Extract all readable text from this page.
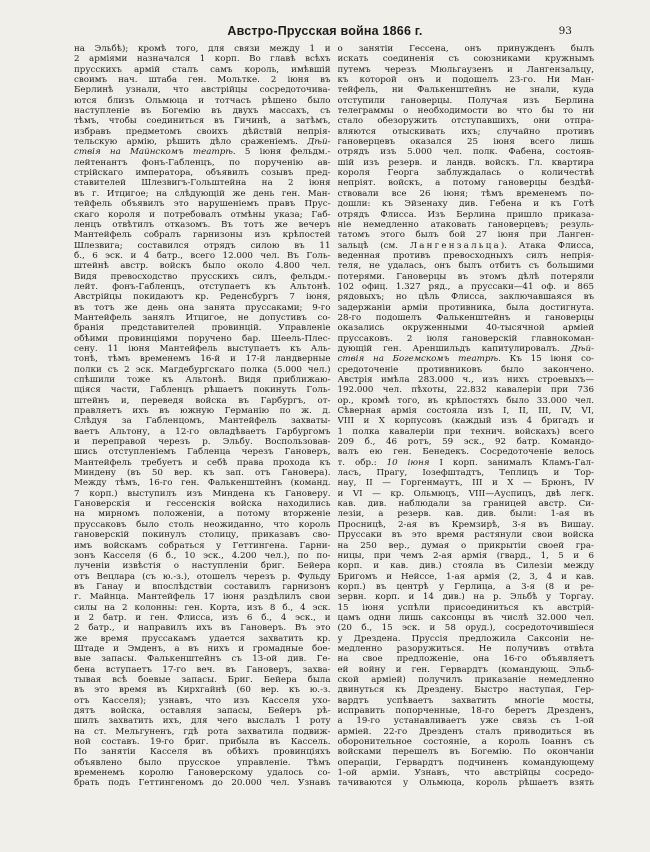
Австро-Прусская война 1866 г.	93
на Эльбѣ); кромѣ того, для связи между 1 и
2 арміями назначался 1 корп. Во главѣ всѣхъ
прусскихъ армій сталъ самъ король, имѣвшій
своимъ нач. штаба ген. Мольтке. 2 іюня въ
Берлинѣ узнали, что австрійцы сосредоточива-
ются близъ Ольмюца и тотчасъ рѣшено было
наступленіе въ Богемію въ двухъ массахъ, съ
тѣмъ, чтобы соединиться въ Гичинѣ, а затѣмъ,
избравъ предметомъ своихъ дѣйствій непрія-
тельскую армію, рѣшить дѣло сраженіемъ. Дѣй-
ствія на Майнскомъ театрѣ. 5 іюня фельдм.-
лейтенантъ фонъ-Габленцъ, по порученію ав-
стрійскаго императора, объявилъ созывъ пред-
ставителей Шлезвигъ-Гольштейна на 2 іюня
въ г. Итцигое; на слѣдующій же день ген. Ман-
тейфель объявилъ это нарушеніемъ правъ Прус-
скаго короля и потребовалъ отмѣны указа; Габ-
ленцъ отвѣтилъ отказомъ. Въ тотъ же вечеръ
Мантейфель собралъ гарнизоны изъ крѣпостей
Шлезвига; составился отрядъ силою въ 11
б., 6 эск. и 4 батр., всего 12.000 чел. Въ Голь-
штейнѣ австр. войскъ было около 4.800 чел.
Видя превосходство прусскихъ силъ, фельдм.-
лейт. фонъ-Габленцъ, отступаетъ къ Альтонѣ.
Австрійцы покидаютъ кр. Реденсбургъ 7 іюня,
въ тотъ же день она занята пруссаками; 9-го
Мантейфель занялъ Итцигое, не допустивъ со-
бранія представителей провинцій. Управленіе
обѣими провинціями поручено бар. Шеель-Плес-
сену. 11 іюня Мантейфель выступаетъ къ Аль-
тонѣ, тѣмъ временемъ 16-й и 17-й ландверные
полки съ 2 эск. Магдебургскаго полка (5.000 чел.)
спѣшили тоже къ Альтонѣ. Видя приближаю-
щіяся части, Габленцъ рѣшаетъ покинуть Голь-
штейнъ и, переведя войска въ Гарбургъ, от-
правляетъ ихъ въ южную Германію по ж. д.
Слѣдуя за Габленцомъ, Мантейфель захваты-
ваетъ Альтону, а 12-го овладѣваетъ Гарбургомъ
и переправой черезъ р. Эльбу. Воспользовав-
шись отступленіемъ Габленца черезъ Гановеръ,
Мантейфель требуетъ и себѣ права прохода къ
Миндену (въ 50 вер. къ зап. отъ Гановера).
Между тѣмъ, 16-го ген. Фалькенштейнъ (команд.
7 корп.) выступилъ изъ Миндена къ Гановеру.
Гановерскія и гессенскія войска находились
на мирномъ положеніи, а потому вторженіе
пруссаковъ было столь неожиданно, что король
гановерскій покинулъ столицу, приказавъ сво-
имъ войскамъ собраться у Геттингена. Гарни-
зонъ Касселя (6 б., 10 эск., 4.200 чел.), по по-
лученіи извѣстія о наступленіи бриг. Бейера
отъ Вецлара (съ ю.-з.), отошелъ черезъ р. Фульду
въ Ганау и впослѣдствіи составилъ гарнизонъ
г. Майнца. Мантейфель 17 іюня раздѣлилъ свои
силы на 2 колонны: ген. Корта, изъ 8 б., 4 эск.
и 2 батр. и ген. Флисса, изъ 6 б., 4 эск., и
2 батр., и направилъ ихъ въ Гановеръ. Въ это
же время пруссакамъ удается захватить кр.
Штаде и Эмденъ, а въ нихъ и громадные бое-
вые запасы. Фалькенштейнъ съ 13-ой див. Ге-
бена вступаетъ 17-го веч. въ Гановеръ, захва-
тывая всѣ боевые запасы. Бриг. Бейера была
въ это время въ Кирхгайнѣ (60 вер. къ ю.-з.
отъ Касселя); узнавъ, что изъ Касселя ухо-
дятъ войска, оставляя запасы, Бейеръ рѣ-
шилъ захватить ихъ, для чего выслалъ 1 роту
на ст. Мельгуненъ, гдѣ рота захватила подвиж-
ной составъ. 19-го бриг. прибыла въ Кассель.
По занятіи Касселя въ обѣихъ провинціяхъ
объявлено было прусское управленіе. Тѣмъ
временемъ королю Гановерскому удалось со-
брать подъ Геттингеномъ до 20.000 чел. Узнавъ
о занятіи Гессена, онъ принужденъ былъ
искать соединенія съ союзниками кружнымъ
путемъ черезъ Мюльгаузенъ и Лангензальцу,
къ которой онъ и подошелъ 23-го. Ни Ман-
тейфель, ни Фалькенштейнъ не знали, куда
отступили гановерцы. Получая изъ Берлина
телеграммы о необходимости во что бы то ни
стало обезоружить отступавшихъ, они отпра-
вляются отыскивать ихъ; случайно противъ
гановерцевъ оказался 25 іюня всего лишь
отрядъ изъ 5.000 чел. полк. Фабена, состояв-
шій изъ резерв. и ландв. войскъ. Гл. квартира
короля Георга заблуждалась о количествѣ
непріят. войскъ, а потому гановерцы бездѣй-
ствовали все 26 іюня; тѣмъ временемъ по-
дошли: къ Эйзенаху див. Гебена и къ Готѣ
отрядъ Флисса. Изъ Берлина пришло приказа-
ніе немедленно атаковать гановерцевъ; резуль-
татомъ этого былъ бой 27 іюня при Ланген-
зальцѣ (см. Лангензальца). Атака Флисса,
веденная противъ превосходныхъ силъ непрія-
теля, не удалась, онъ былъ отбитъ съ большими
потерями. Гановерцы въ этомъ дѣлѣ потеряли
102 офиц. 1.327 ряд., а пруссаки—41 оф. и 865
рядовыхъ; но цѣль Флисса, заключавшаяся въ
задержаніи арміи противника, была достигнута.
28-го подошелъ Фалькенштейнъ и гановерцы
оказались окруженными 40-тысячной арміей
пруссаковъ. 2 іюля гановерскій главнокоман-
дующій ген. Ареншильдъ капитулировалъ. Дѣй-
ствія на Богемскомъ театрѣ. Къ 15 іюня со-
средоточеніе противниковъ было закончено.
Австрія имѣла 283.000 ч., изъ нихъ строевыхъ—
192.000 чел. пѣхоты, 22.832 кавалеріи при 736
ор., кромѣ того, въ крѣпостяхъ было 33.000 чел.
Сѣверная армія состояла изъ I, II, III, IV, VI,
VIII и X корпусовъ (каждый изъ 4 бригадъ и
1 полка кавалеріи при технич. войскахъ) всего
209 б., 46 ротъ, 59 эск., 92 батр. Командо-
валъ ею ген. Бенедекъ. Сосредоточеніе велось
т. обр.: 10 іюня I корп. занималъ Кламъ-Гал-
ласъ, Прагу, Іозефштадтъ, Теплицъ и Тор-
нау, II — Горгенмаутъ, III и X — Брюнъ, IV
и VI — кр. Ольмюцъ, VIII—Ауспицъ, двѣ легк.
кав. див. наблюдали за границей австр. Си-
лезіи, а резерв. кав. див. были: 1-ая въ
Просницѣ, 2-ая въ Кремзирѣ, 3-я въ Вишау.
Пруссаки въ это время растянули свои войска
на 250 вер., думая о прикрытіи своей гра-
ницы, при чемъ 2-ая армія (гвард., 1, 5 и 6
корп. и кав. див.) стояла въ Силезіи между
Бригомъ и Нейссе, 1-ая армія (2, 3, 4 и кав.
корп.) въ центрѣ у Герлица, а 3-я (8 и ре-
зервн. корп. и 14 див.) на р. Эльбѣ у Торгау.
15 іюня успѣли присоединиться къ австрій-
цамъ одни лишь саксонцы въ числѣ 32.000 чел.
(20 б., 15 эск. и 58 оруд.), сосредоточившіеся
у Дрездена. Пруссія предложила Саксоніи не-
медленно разоружиться. Не получивъ отвѣта
на свое предложеніе, она 16-го объявляетъ
ей войну и ген. Гервардтъ (командующ. Эльб-
ской арміей) получилъ приказаніе немедленно
двинуться къ Дрездену. Быстро наступая, Гер-
вардтъ успѣваетъ захватить многіе мосты,
исправить попорченные, 18-го беретъ Дрезденъ,
а 19-го устанавливаетъ уже связь съ 1-ой
арміей. 22-го Дрезденъ сталъ приводиться въ
оборонительное состояніе, а король Іоаннъ съ
войсками перешелъ въ Богемію. По окончаніи
операціи, Гервардтъ подчиненъ командующему
1-ой арміи. Узнавъ, что австрійцы сосредо-
тачиваются у Ольмюца, король рѣшаетъ взять
